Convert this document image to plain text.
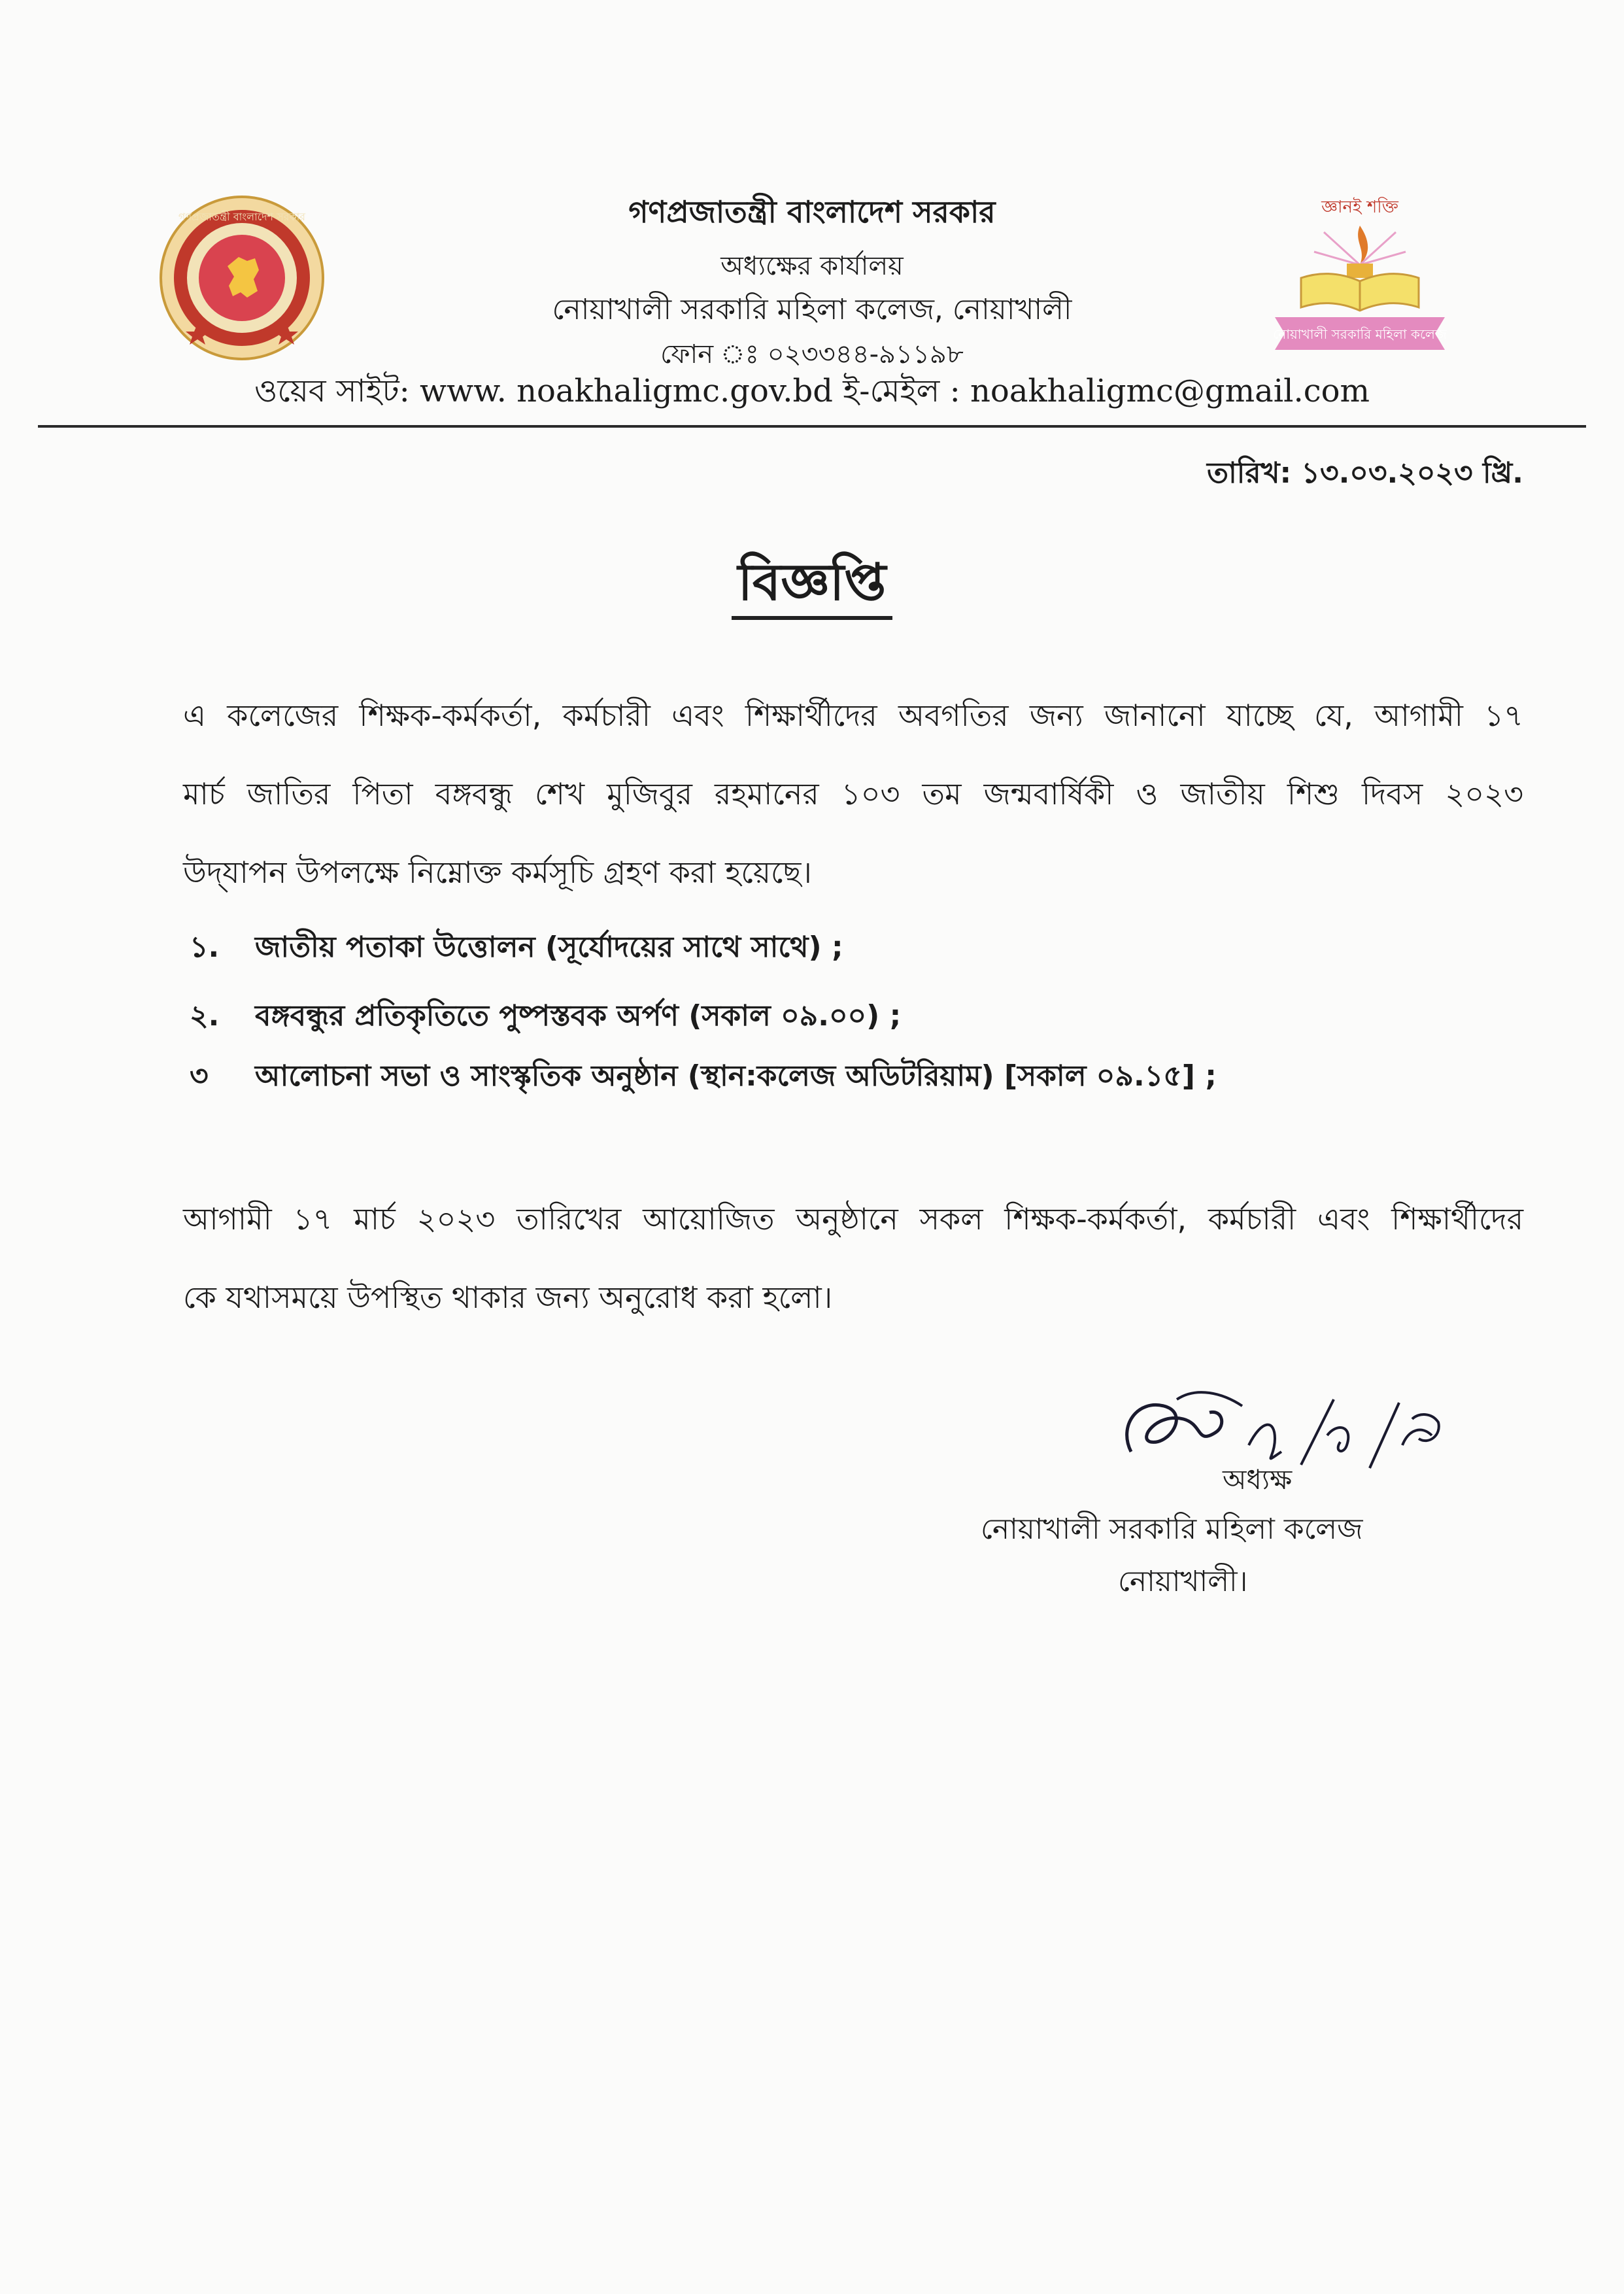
গণপ্রজাতন্ত্রী বাংলাদেশ সরকার	জ্ঞানই শক্তি
নোয়াখালী সরকারি মহিলা কলেজ
গণপ্রজাতন্ত্রী বাংলাদেশ সরকার
অধ্যক্ষের কার্যালয়
নোয়াখালী সরকারি মহিলা কলেজ, নোয়াখালী
ফোন ঃ ০২৩৩৪৪-৯১১৯৮
ওয়েব সাইট: www. noakhaligmc.gov.bd ই-মেইল : noakhaligmc@gmail.com
তারিখ: ১৩.০৩.২০২৩ খ্রি.
বিজ্ঞপ্তি
এ কলেজের শিক্ষক-কর্মকর্তা, কর্মচারী এবং শিক্ষার্থীদের অবগতির জন্য জানানো যাচ্ছে যে, আগামী ১৭
মার্চ জাতির পিতা বঙ্গবন্ধু শেখ মুজিবুর রহমানের ১০৩ তম জন্মবার্ষিকী ও জাতীয় শিশু দিবস ২০২৩
উদ্‌যাপন উপলক্ষে নিম্নোক্ত কর্মসূচি গ্রহণ করা হয়েছে।
১. জাতীয় পতাকা উত্তোলন (সূর্যোদয়ের সাথে সাথে) ;
২. বঙ্গবন্ধুর প্রতিকৃতিতে পুষ্পস্তবক অর্পণ (সকাল ০৯.০০) ;
৩ আলোচনা সভা ও সাংস্কৃতিক অনুষ্ঠান (স্থান:কলেজ অডিটরিয়াম) [সকাল ০৯.১৫] ;
আগামী ১৭ মার্চ ২০২৩ তারিখের আয়োজিত অনুষ্ঠানে সকল শিক্ষক-কর্মকর্তা, কর্মচারী এবং শিক্ষার্থীদের
কে যথাসময়ে উপস্থিত থাকার জন্য অনুরোধ করা হলো।
অধ্যক্ষ
নোয়াখালী সরকারি মহিলা কলেজ
নোয়াখালী।
